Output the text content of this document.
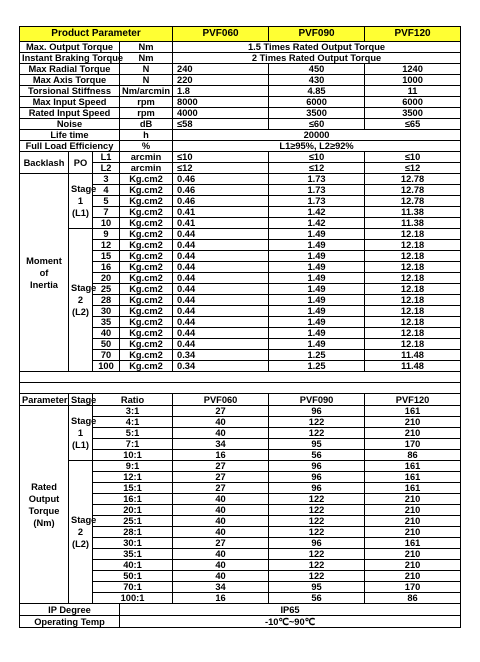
Product Parameter				PVF060	PVF090	PVF120
Max. Output Torque			Nm	1.5 Times Rated Output Torque		
Instant Braking Torque			Nm	2 Times Rated Output Torque		
Max Radial Torque			N	240	450	1240
Max Axis Torque			N	220	430	1000
Torsional Stiffness			Nm/arcmin	1.8	4.85	11
Max Input Speed			rpm	8000	6000	6000
Rated Input Speed			rpm	4000	3500	3500
Noise			dB	≤58	≤60	≤65
Life time			h	20000		
Full Load Efficiency			%	L1≥95%, L2≥92%		
Backlash	PO	L1	arcmin	≤10	≤10	≤10
		L2	arcmin	≤12	≤12	≤12
Moment of
Inertia	Stage
1 (L1)	3	Kg.cm2	0.46	1.73	12.78
		4	Kg.cm2	0.46	1.73	12.78
		5	Kg.cm2	0.46	1.73	12.78
		7	Kg.cm2	0.41	1.42	11.38
		10	Kg.cm2	0.41	1.42	11.38
	Stage
2 (L2)	9	Kg.cm2	0.44	1.49	12.18
		12	Kg.cm2	0.44	1.49	12.18
		15	Kg.cm2	0.44	1.49	12.18
		16	Kg.cm2	0.44	1.49	12.18
		20	Kg.cm2	0.44	1.49	12.18
		25	Kg.cm2	0.44	1.49	12.18
		28	Kg.cm2	0.44	1.49	12.18
		30	Kg.cm2	0.44	1.49	12.18
		35	Kg.cm2	0.44	1.49	12.18
		40	Kg.cm2	0.44	1.49	12.18
		50	Kg.cm2	0.44	1.49	12.18
		70	Kg.cm2	0.34	1.25	11.48
		100	Kg.cm2	0.34	1.25	11.48

Parameter	Stage	Ratio		PVF060	PVF090	PVF120
Rated
Output
Torque
(Nm)	Stage
1 (L1)	3:1		27	96	161
		4:1		40	122	210
		5:1		40	122	210
		7:1		34	95	170
		10:1		16	56	86
	Stage
2 (L2)	9:1		27	96	161
		12:1		27	96	161
		15:1		27	96	161
		16:1		40	122	210
		20:1		40	122	210
		25:1		40	122	210
		28:1		40	122	210
		30:1		27	96	161
		35:1		40	122	210
		40:1		40	122	210
		50:1		40	122	210
		70:1		34	95	170
		100:1		16	56	86
IP Degree			IP65			
Operating Temp			-10℃~90℃			
